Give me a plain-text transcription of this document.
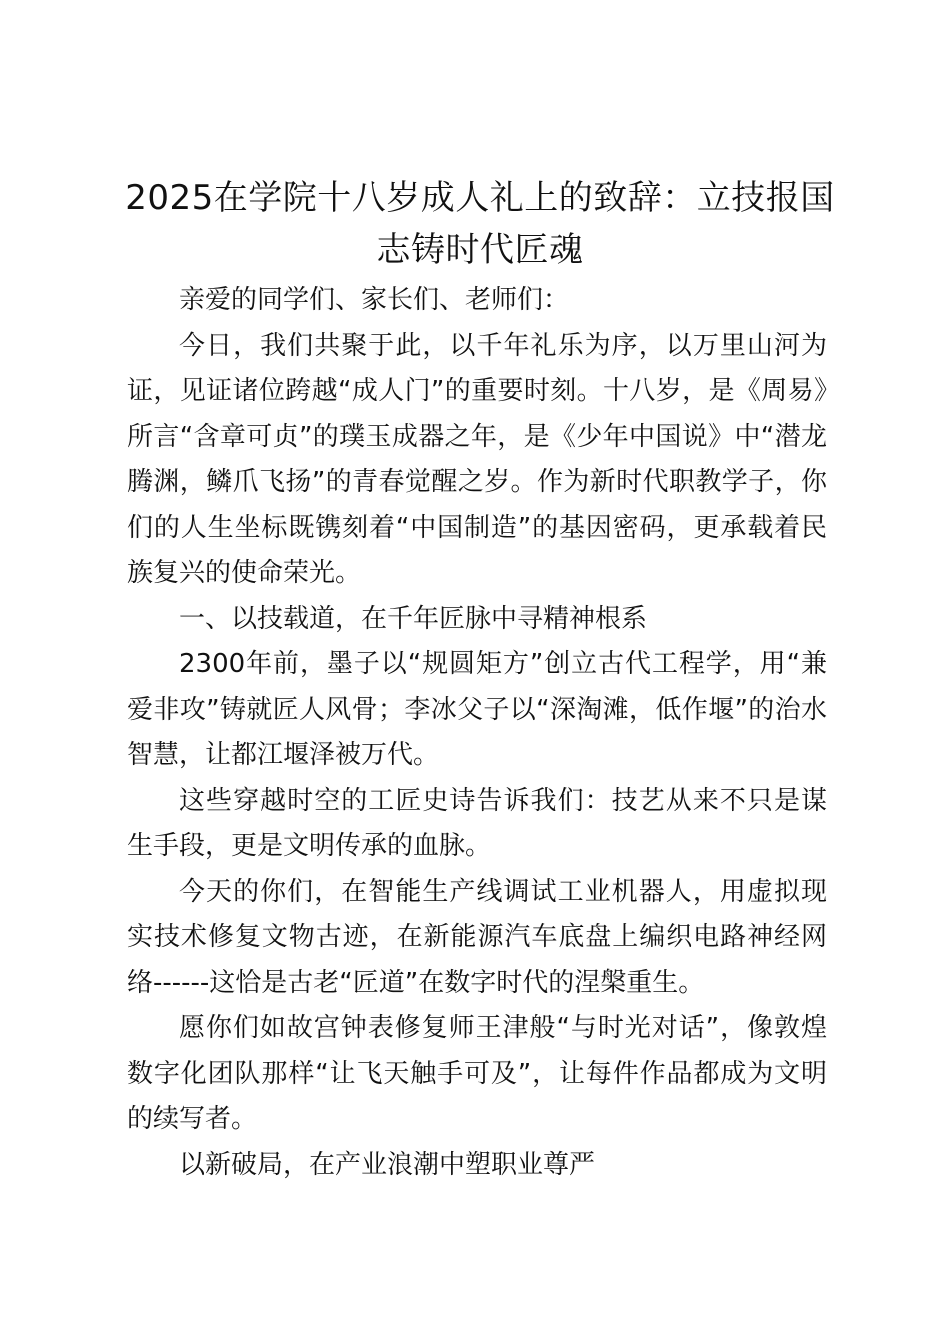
2025在学院十八岁成人礼上的致辞：立技报国志铸时代匠魂

亲爱的同学们、家长们、老师们：

今日，我们共聚于此，以千年礼乐为序，以万里山河为证，见证诸位跨越“成人门”的重要时刻。十八岁，是《周易》所言“含章可贞”的璞玉成器之年，是《少年中国说》中“潜龙腾渊，鳞爪飞扬”的青春觉醒之岁。作为新时代职教学子，你们的人生坐标既镌刻着“中国制造”的基因密码，更承载着民族复兴的使命荣光。

一、以技载道，在千年匠脉中寻精神根系

2300年前，墨子以“规圆矩方”创立古代工程学，用“兼爱非攻”铸就匠人风骨；李冰父子以“深淘滩，低作堰”的治水智慧，让都江堰泽被万代。

这些穿越时空的工匠史诗告诉我们：技艺从来不只是谋生手段，更是文明传承的血脉。

今天的你们，在智能生产线调试工业机器人，用虚拟现实技术修复文物古迹，在新能源汽车底盘上编织电路神经网络------这恰是古老“匠道”在数字时代的涅槃重生。

愿你们如故宫钟表修复师王津般“与时光对话”，像敦煌数字化团队那样“让飞天触手可及”，让每件作品都成为文明的续写者。

以新破局，在产业浪潮中塑职业尊严
